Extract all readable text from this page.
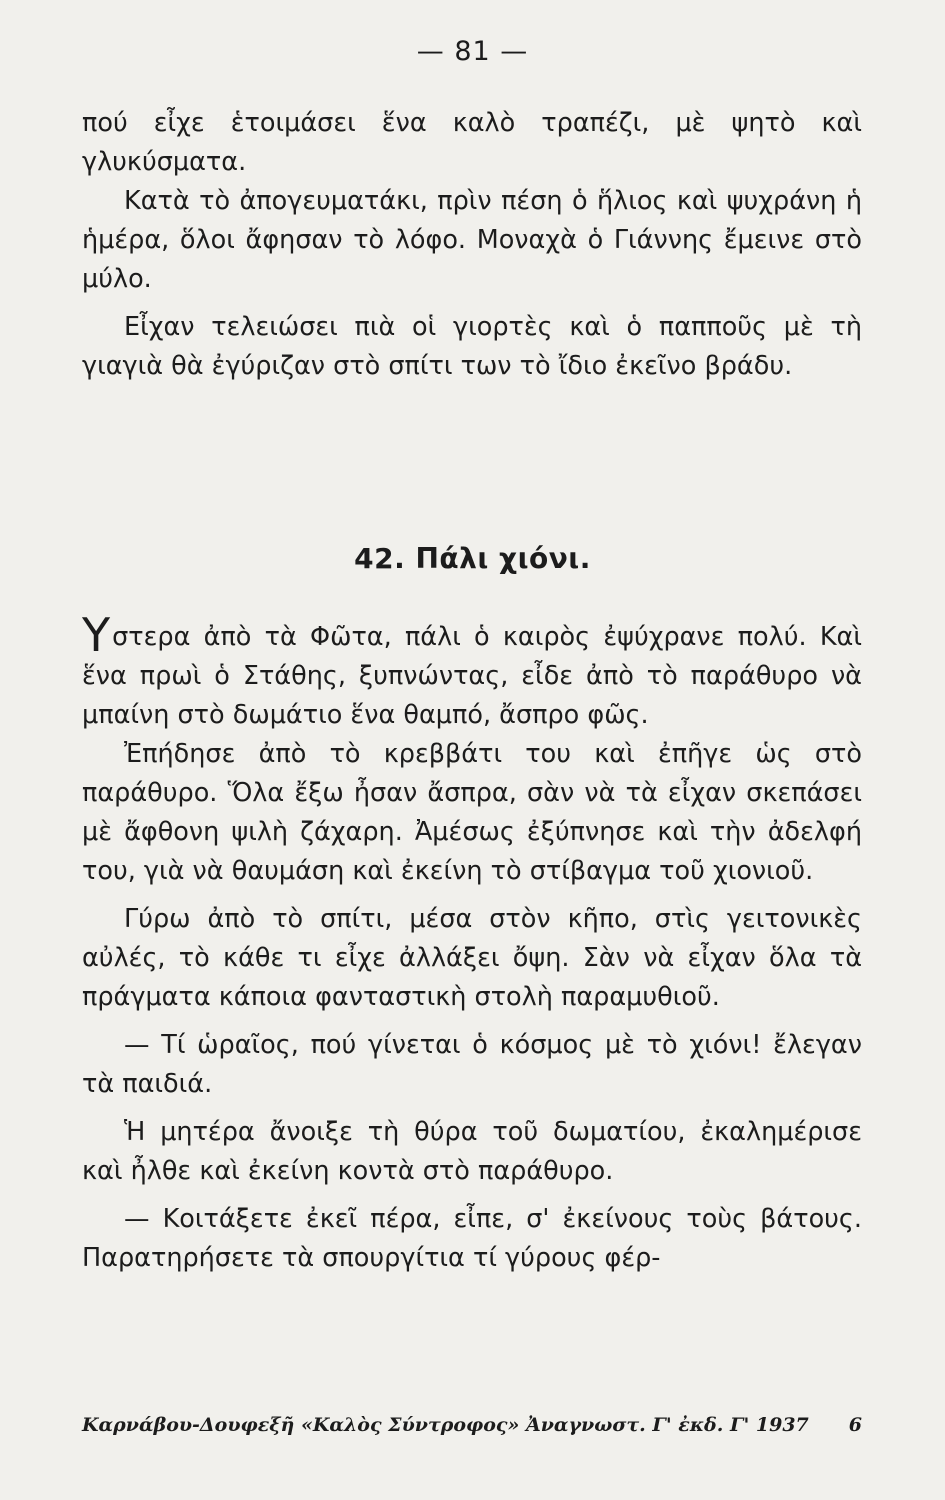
— 81 —

πού εἶχε ἑτοιμάσει ἕνα καλὸ τραπέζι, μὲ ψητὸ καὶ γλυκύσματα.

Κατὰ τὸ ἀπογευματάκι, πρὶν πέση ὁ ἥλιος καὶ ψυχράνη ἡ ἡμέρα, ὅλοι ἄφησαν τὸ λόφο. Μοναχὰ ὁ Γιάννης ἔμεινε στὸ μύλο.

Εἶχαν τελειώσει πιὰ οἱ γιορτὲς καὶ ὁ παπποῦς μὲ τὴ γιαγιὰ θὰ ἐγύριζαν στὸ σπίτι των τὸ ἴδιο ἐκεῖνο βράδυ.

42. Πάλι χιόνι.

Υστερα ἀπὸ τὰ Φῶτα, πάλι ὁ καιρὸς ἐψύχρανε πολύ. Καὶ ἕνα πρωὶ ὁ Στάθης, ξυπνώντας, εἶδε ἀπὸ τὸ παράθυρο νὰ μπαίνη στὸ δωμάτιο ἕνα θαμπό, ἄσπρο φῶς.

Ἐπήδησε ἀπὸ τὸ κρεββάτι του καὶ ἐπῆγε ὡς στὸ παράθυρο. Ὅλα ἔξω ἦσαν ἄσπρα, σὰν νὰ τὰ εἶχαν σκεπάσει μὲ ἄφθονη ψιλὴ ζάχαρη. Ἀμέσως ἐξύπνησε καὶ τὴν ἀδελφή του, γιὰ νὰ θαυμάση καὶ ἐκείνη τὸ στίβαγμα τοῦ χιονιοῦ.

Γύρω ἀπὸ τὸ σπίτι, μέσα στὸν κῆπο, στὶς γειτονικὲς αὐλές, τὸ κάθε τι εἶχε ἀλλάξει ὄψη. Σὰν νὰ εἶχαν ὅλα τὰ πράγματα κάποια φανταστικὴ στολὴ παραμυθιοῦ.

— Τί ὡραῖος, πού γίνεται ὁ κόσμος μὲ τὸ χιόνι! ἔλεγαν τὰ παιδιά.

Ἡ μητέρα ἄνοιξε τὴ θύρα τοῦ δωματίου, ἐκαλημέρισε καὶ ἦλθε καὶ ἐκείνη κοντὰ στὸ παράθυρο.

— Κοιτάξετε ἐκεῖ πέρα, εἶπε, σ' ἐκείνους τοὺς βάτους. Παρατηρήσετε τὰ σπουργίτια τί γύρους φέρ-

Καρνάβου-Δουφεξῆ «Καλὸς Σύντροφος» Ἀναγνωστ. Γ' ἐκδ. Γ' 1937 6
